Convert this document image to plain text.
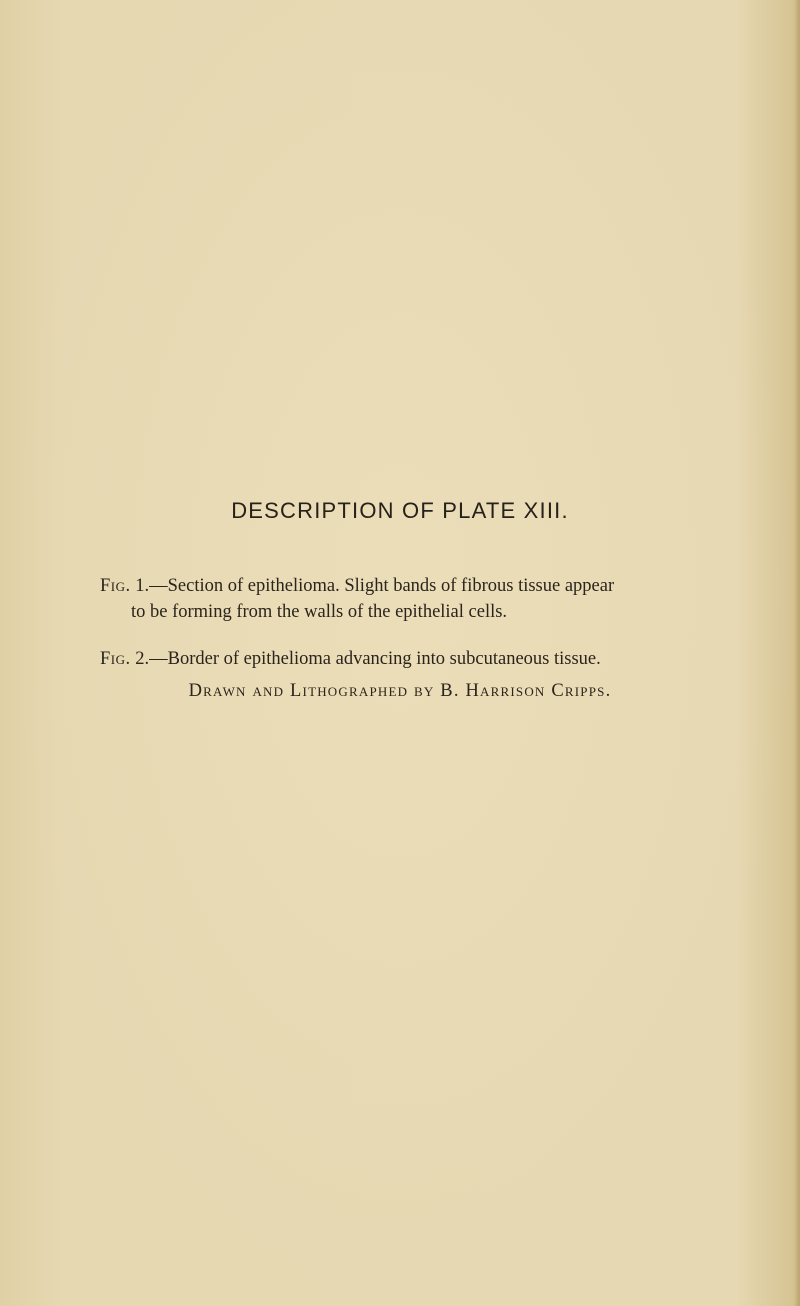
DESCRIPTION OF PLATE XIII.
Fig. 1.—Section of epithelioma. Slight bands of fibrous tissue appear
to be forming from the walls of the epithelial cells.
Fig. 2.—Border of epithelioma advancing into subcutaneous tissue.
Drawn and Lithographed by B. Harrison Cripps.
